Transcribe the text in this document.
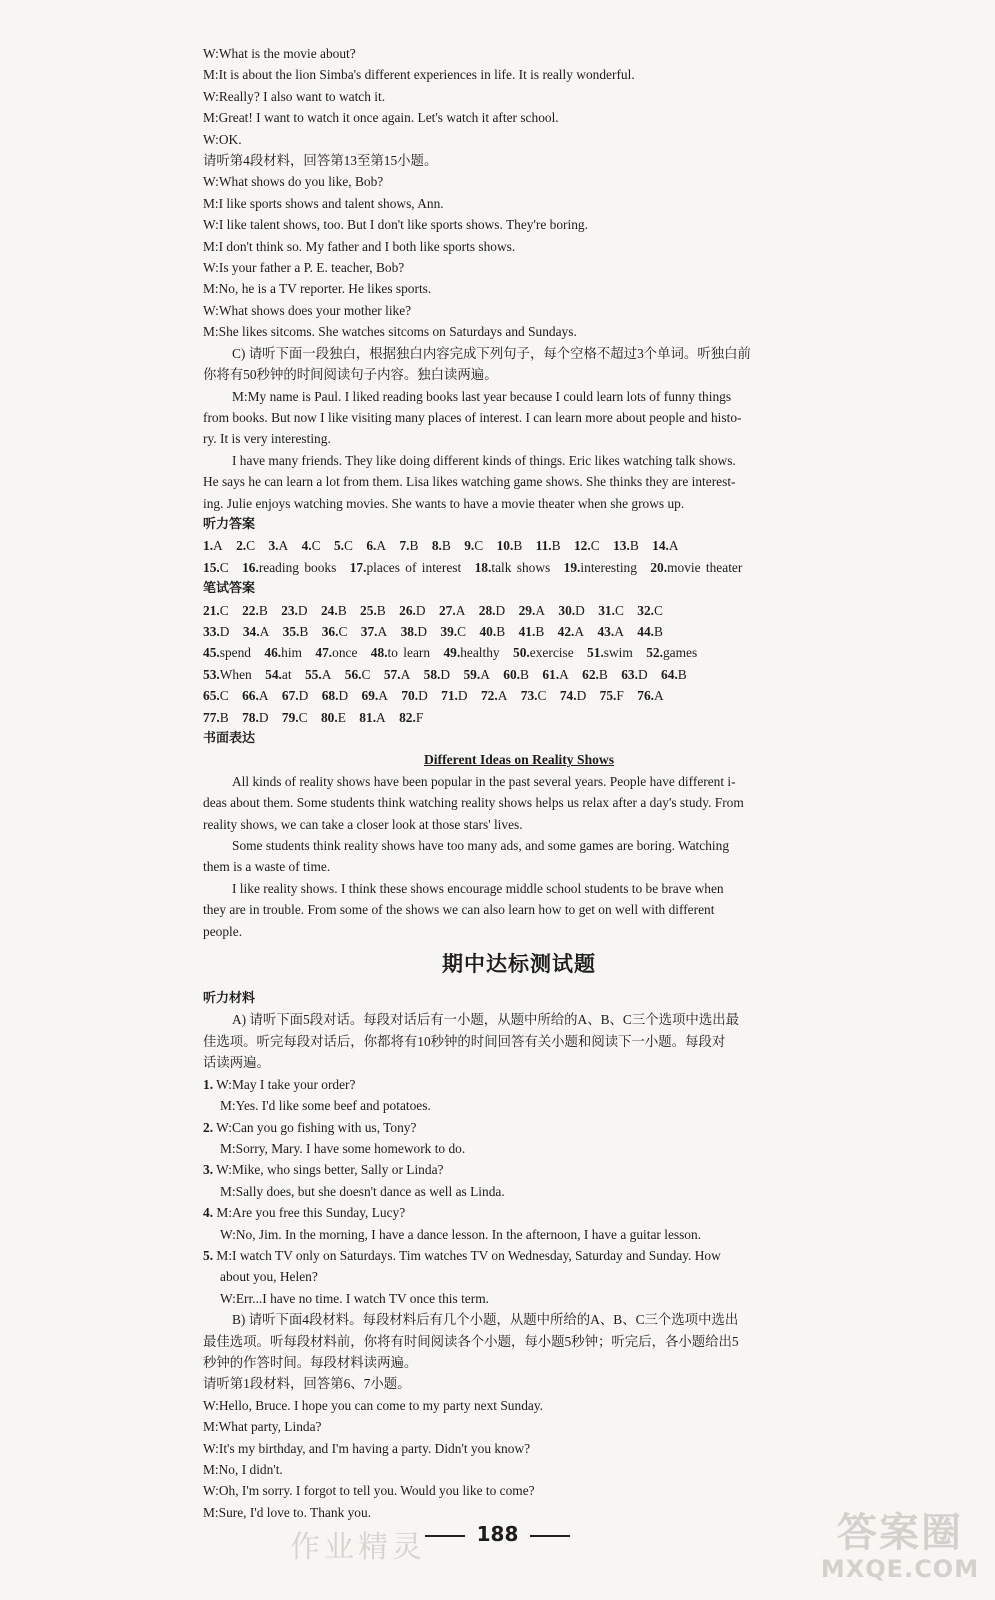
W:What is the movie about?
M:It is about the lion Simba's different experiences in life. It is really wonderful.
W:Really? I also want to watch it.
M:Great! I want to watch it once again. Let's watch it after school.
W:OK.
请听第4段材料，回答第13至第15小题。
W:What shows do you like, Bob?
M:I like sports shows and talent shows, Ann.
W:I like talent shows, too. But I don't like sports shows. They're boring.
M:I don't think so. My father and I both like sports shows.
W:Is your father a P. E. teacher, Bob?
M:No, he is a TV reporter. He likes sports.
W:What shows does your mother like?
M:She likes sitcoms. She watches sitcoms on Saturdays and Sundays.
C) 请听下面一段独白，根据独白内容完成下列句子，每个空格不超过3个单词。听独白前
你将有50秒钟的时间阅读句子内容。独白读两遍。
M:My name is Paul. I liked reading books last year because I could learn lots of funny things
from books. But now I like visiting many places of interest. I can learn more about people and histo-
ry. It is very interesting.
I have many friends. They like doing different kinds of things. Eric likes watching talk shows.
He says he can learn a lot from them. Lisa likes watching game shows. She thinks they are interest-
ing. Julie enjoys watching movies. She wants to have a movie theater when she grows up.
听力答案
1.A  2.C  3.A  4.C  5.C  6.A  7.B  8.B  9.C  10.B  11.B  12.C  13.B  14.A 
15.C  16.reading books  17.places of interest  18.talk shows  19.interesting  20.movie theater 
笔试答案
21.C  22.B  23.D  24.B  25.B  26.D  27.A  28.D  29.A  30.D  31.C  32.C 
33.D  34.A  35.B  36.C  37.A  38.D  39.C  40.B  41.B  42.A  43.A  44.B 
45.spend  46.him  47.once  48.to learn  49.healthy  50.exercise  51.swim  52.games 
53.When  54.at  55.A  56.C  57.A  58.D  59.A  60.B  61.A  62.B  63.D  64.B 
65.C  66.A  67.D  68.D  69.A  70.D  71.D  72.A  73.C  74.D  75.F  76.A 
77.B  78.D  79.C  80.E  81.A  82.F 
书面表达
Different Ideas on Reality Shows
All kinds of reality shows have been popular in the past several years. People have different i-
deas about them. Some students think watching reality shows helps us relax after a day's study. From
reality shows, we can take a closer look at those stars' lives.
Some students think reality shows have too many ads, and some games are boring. Watching
them is a waste of time.
I like reality shows. I think these shows encourage middle school students to be brave when
they are in trouble. From some of the shows we can also learn how to get on well with different
people.
期中达标测试题
听力材料
A) 请听下面5段对话。每段对话后有一小题，从题中所给的A、B、C三个选项中选出最
佳选项。听完每段对话后，你都将有10秒钟的时间回答有关小题和阅读下一小题。每段对
话读两遍。
1. W:May I take your order?
M:Yes. I'd like some beef and potatoes.
2. W:Can you go fishing with us, Tony?
M:Sorry, Mary. I have some homework to do.
3. W:Mike, who sings better, Sally or Linda?
M:Sally does, but she doesn't dance as well as Linda.
4. M:Are you free this Sunday, Lucy?
W:No, Jim. In the morning, I have a dance lesson. In the afternoon, I have a guitar lesson.
5. M:I watch TV only on Saturdays. Tim watches TV on Wednesday, Saturday and Sunday. How
about you, Helen?
W:Err...I have no time. I watch TV once this term.
B) 请听下面4段材料。每段材料后有几个小题，从题中所给的A、B、C三个选项中选出
最佳选项。听每段材料前，你将有时间阅读各个小题，每小题5秒钟；听完后，各小题给出5
秒钟的作答时间。每段材料读两遍。
请听第1段材料，回答第6、7小题。
W:Hello, Bruce. I hope you can come to my party next Sunday.
M:What party, Linda?
W:It's my birthday, and I'm having a party. Didn't you know?
M:No, I didn't.
W:Oh, I'm sorry. I forgot to tell you. Would you like to come?
M:Sure, I'd love to. Thank you.
作业精灵	188	答案圈
MXQE.COM
